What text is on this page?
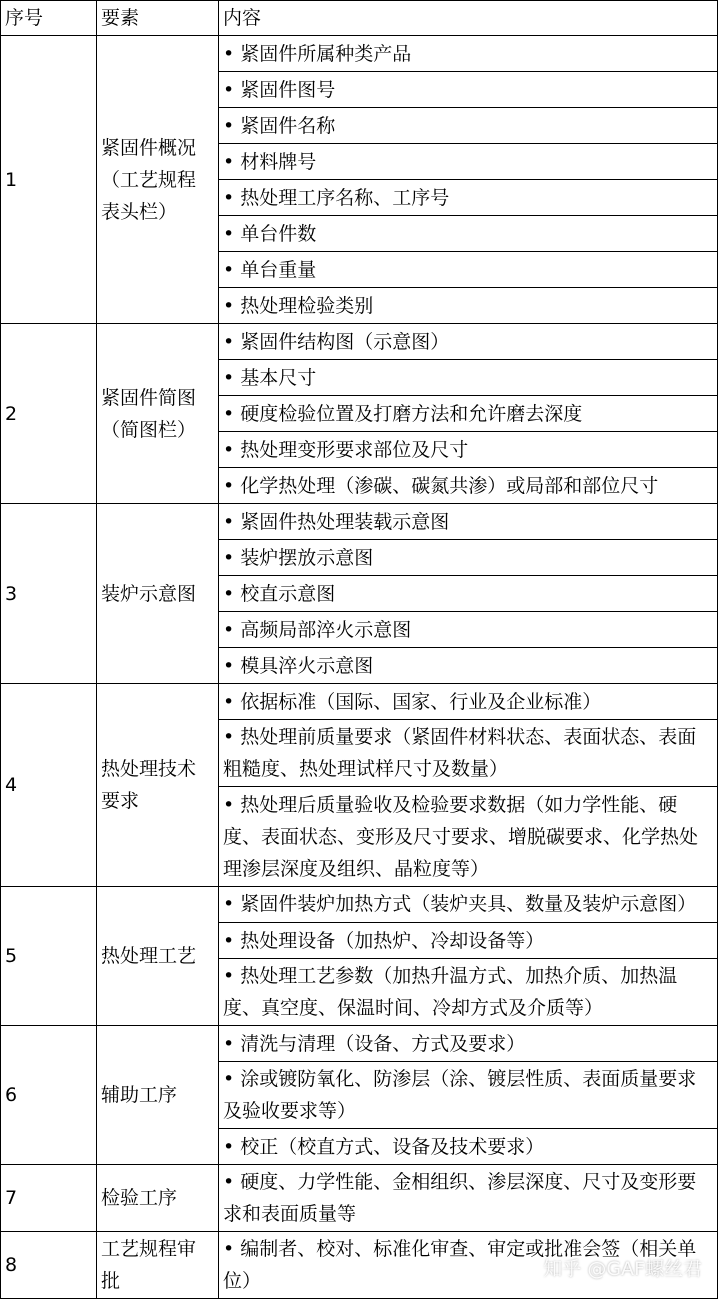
序号	要素	内容
1	紧固件概况（工艺规程表头栏）	• 紧固件所属种类产品
		• 紧固件图号
		• 紧固件名称
		• 材料牌号
		• 热处理工序名称、工序号
		• 单台件数
		• 单台重量
		• 热处理检验类别
2	紧固件简图（简图栏）	• 紧固件结构图（示意图）
		• 基本尺寸
		• 硬度检验位置及打磨方法和允许磨去深度
		• 热处理变形要求部位及尺寸
		• 化学热处理（渗碳、碳氮共渗）或局部和部位尺寸
3	装炉示意图	• 紧固件热处理装载示意图
		• 装炉摆放示意图
		• 校直示意图
		• 高频局部淬火示意图
		• 模具淬火示意图
4	热处理技术要求	• 依据标准（国际、国家、行业及企业标准）
		• 热处理前质量要求（紧固件材料状态、表面状态、表面粗糙度、热处理试样尺寸及数量）
		• 热处理后质量验收及检验要求数据（如力学性能、硬度、表面状态、变形及尺寸要求、增脱碳要求、化学热处理渗层深度及组织、晶粒度等）
5	热处理工艺	• 紧固件装炉加热方式（装炉夹具、数量及装炉示意图）

		• 热处理设备（加热炉、冷却设备等）
		• 热处理工艺参数（加热升温方式、加热介质、加热温度、真空度、保温时间、冷却方式及介质等）
6	辅助工序	• 清洗与清理（设备、方式及要求）
		• 涂或镀防氧化、防渗层（涂、镀层性质、表面质量要求及验收要求等）
		• 校正（校直方式、设备及技术要求）
7	检验工序	• 硬度、力学性能、金相组织、渗层深度、尺寸及变形要求和表面质量等
8	工艺规程审批	• 编制者、校对、标准化审查、审定或批准会签（相关单位）
知乎 @GAF螺丝君
